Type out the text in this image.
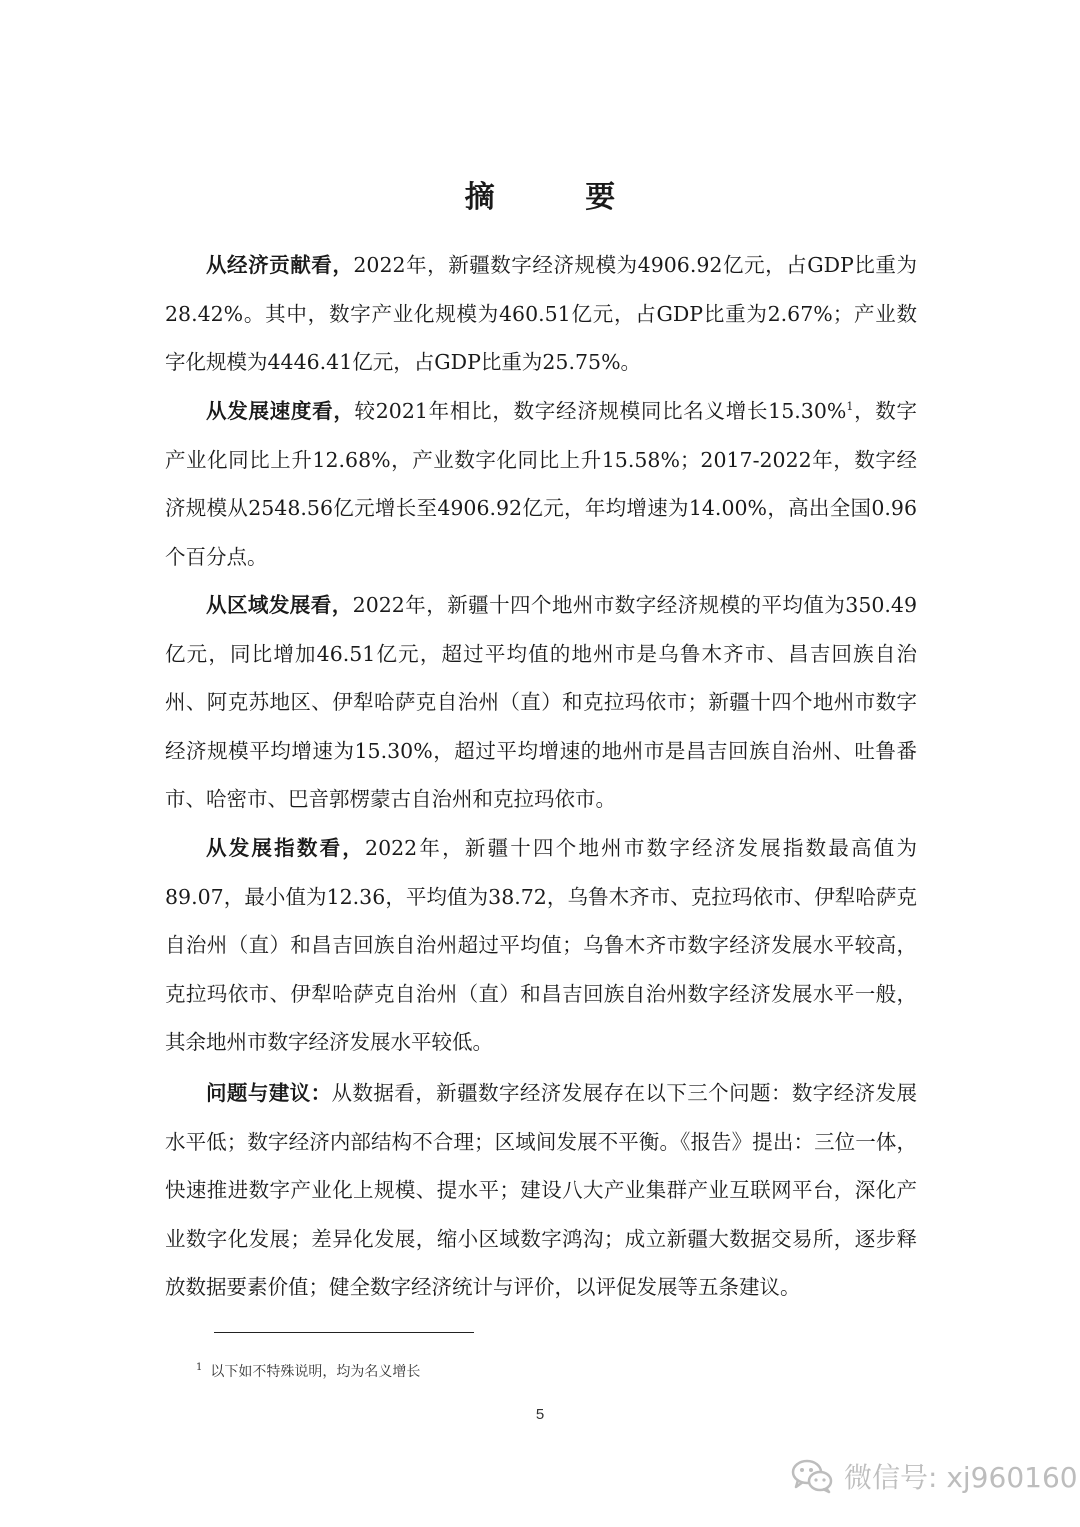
摘 要
从经济贡献看，2022年，新疆数字经济规模为4906.92亿元，占GDP比重为28.42%。其中，数字产业化规模为460.51亿元，占GDP比重为2.67%；产业数字化规模为4446.41亿元，占GDP比重为25.75%。
从发展速度看，较2021年相比，数字经济规模同比名义增长15.30%$^1$，数字产业化同比上升12.68%，产业数字化同比上升15.58%；2017-2022年，数字经济规模从2548.56亿元增长至4906.92亿元，年均增速为14.00%，高出全国0.96个百分点。
从区域发展看，2022年，新疆十四个地州市数字经济规模的平均值为350.49亿元，同比增加46.51亿元，超过平均值的地州市是乌鲁木齐市、昌吉回族自治州、阿克苏地区、伊犁哈萨克自治州（直）和克拉玛依市；新疆十四个地州市数字经济规模平均增速为15.30%，超过平均增速的地州市是昌吉回族自治州、吐鲁番市、哈密市、巴音郭楞蒙古自治州和克拉玛依市。
从发展指数看，2022年，新疆十四个地州市数字经济发展指数最高值为89.07，最小值为12.36，平均值为38.72，乌鲁木齐市、克拉玛依市、伊犁哈萨克自治州（直）和昌吉回族自治州超过平均值；乌鲁木齐市数字经济发展水平较高，克拉玛依市、伊犁哈萨克自治州（直）和昌吉回族自治州数字经济发展水平一般，其余地州市数字经济发展水平较低。
问题与建议：从数据看，新疆数字经济发展存在以下三个问题：数字经济发展水平低；数字经济内部结构不合理；区域间发展不平衡。《报告》提出：三位一体，快速推进数字产业化上规模、提水平；建设八大产业集群产业互联网平台，深化产业数字化发展；差异化发展，缩小区域数字鸿沟；成立新疆大数据交易所，逐步释放数据要素价值；健全数字经济统计与评价，以评促发展等五条建议。
$^1$ 以下如不特殊说明，均为名义增长
5
微信号: xj960160
